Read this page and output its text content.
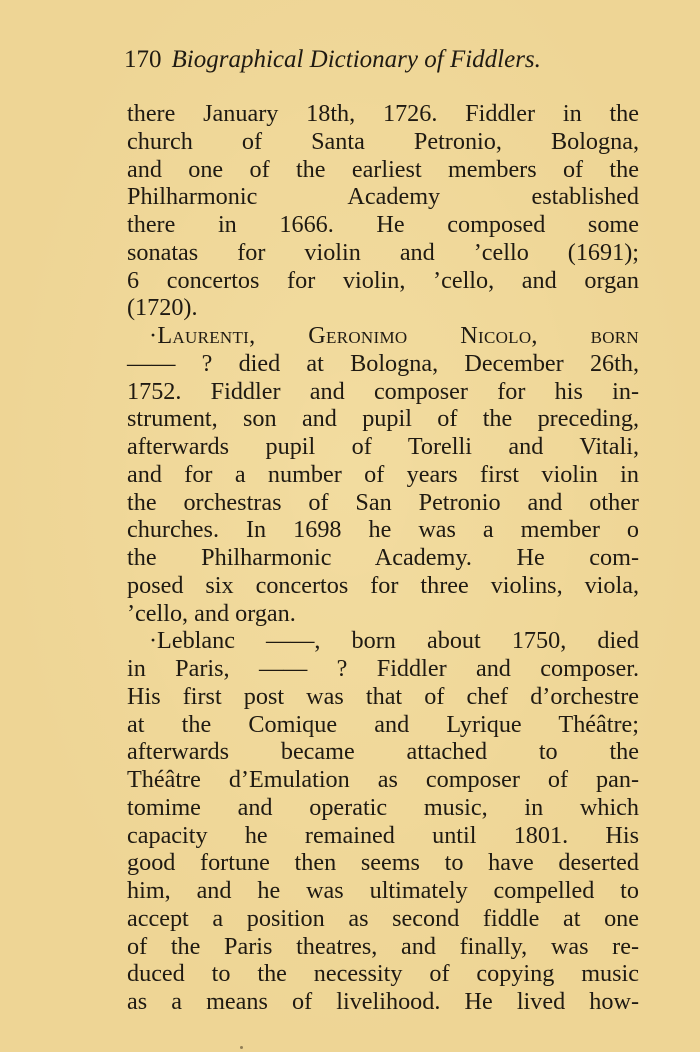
170 Biographical Dictionary of Fiddlers.
there January 18th, 1726. Fiddler in the
church of Santa Petronio, Bologna,
and one of the earliest members of the
Philharmonic Academy established
there in 1666. He composed some
sonatas for violin and ’cello (1691);
6 concertos for violin, ’cello, and organ
(1720).
·Laurenti, Geronimo Nicolo, born
—— ? died at Bologna, December 26th,
1752. Fiddler and composer for his in-
strument, son and pupil of the preceding,
afterwards pupil of Torelli and Vitali,
and for a number of years first violin in
the orchestras of San Petronio and other
churches. In 1698 he was a member o
the Philharmonic Academy. He com-
posed six concertos for three violins, viola,
’cello, and organ.
·Leblanc ——, born about 1750, died
in Paris, —— ? Fiddler and composer.
His first post was that of chef d’orchestre
at the Comique and Lyrique Théâtre;
afterwards became attached to the
Théâtre d’Emulation as composer of pan-
tomime and operatic music, in which
capacity he remained until 1801. His
good fortune then seems to have deserted
him, and he was ultimately compelled to
accept a position as second fiddle at one
of the Paris theatres, and finally, was re-
duced to the necessity of copying music
as a means of livelihood. He lived how-
